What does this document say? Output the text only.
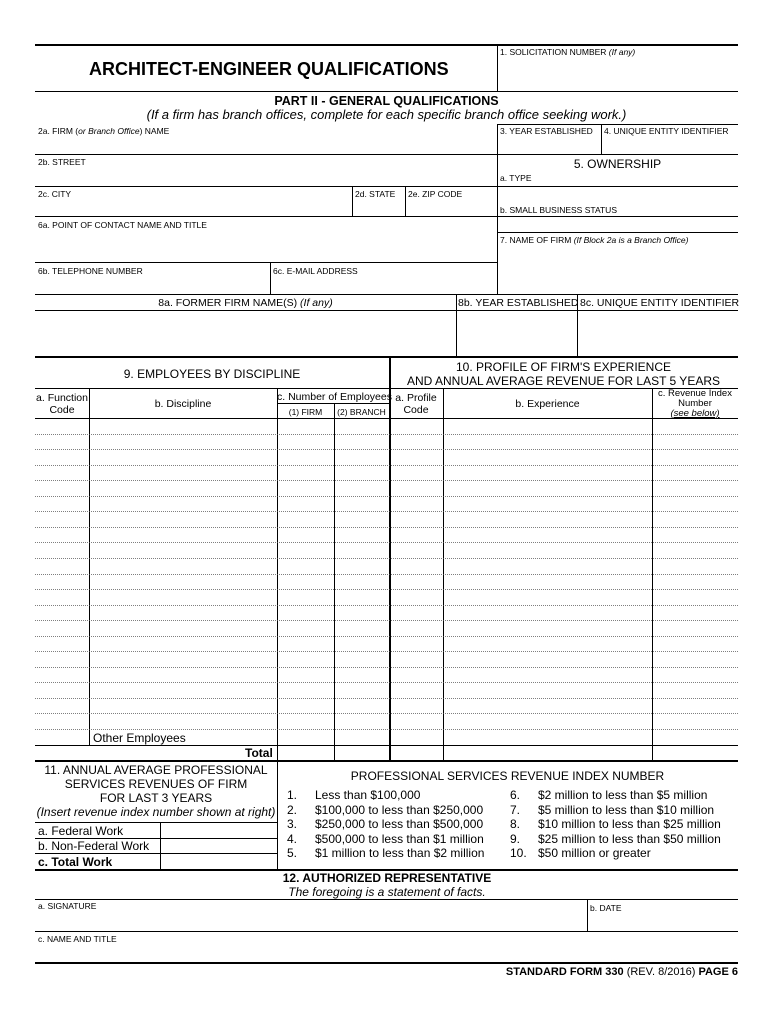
ARCHITECT-ENGINEER QUALIFICATIONS
1. SOLICITATION NUMBER (If any)
PART II - GENERAL QUALIFICATIONS
(If a firm has branch offices, complete for each specific branch office seeking work.)
2a. FIRM (or Branch Office) NAME	3. YEAR ESTABLISHED 4. UNIQUE ENTITY IDENTIFIER
2b. STREET
2c. CITY	2d. STATE 2e. ZIP CODE
6a. POINT OF CONTACT NAME AND TITLE
6b. TELEPHONE NUMBER	6c. E-MAIL ADDRESS
5. OWNERSHIP
a. TYPE
b. SMALL BUSINESS STATUS
7. NAME OF FIRM (If Block 2a is a Branch Office)
8a. FORMER FIRM NAME(S) (If any)	8b. YEAR ESTABLISHED 8c. UNIQUE ENTITY IDENTIFIER
9. EMPLOYEES BY DISCIPLINE
a. Function
Code	b. Discipline
c. Number of Employees
(1) FIRM	(2) BRANCH
10. PROFILE OF FIRM'S EXPERIENCE
AND ANNUAL AVERAGE REVENUE FOR LAST 5 YEARS
a. Profile
Code	b. Experience
c. Revenue Index
Number
(see below)
Other Employees
Total
11. ANNUAL AVERAGE PROFESSIONAL
SERVICES REVENUES OF FIRM
FOR LAST 3 YEARS
(Insert revenue index number shown at right)
a. Federal Work
b. Non-Federal Work
c. Total Work
PROFESSIONAL SERVICES REVENUE INDEX NUMBER
1. Less than $100,000
2. $100,000 to less than $250,000
3. $250,000 to less than $500,000
4. $500,000 to less than $1 million
5. $1 million to less than $2 million
6. $2 million to less than $5 million
7. $5 million to less than $10 million
8. $10 million to less than $25 million
9. $25 million to less than $50 million
10. $50 million or greater
12. AUTHORIZED REPRESENTATIVE
The foregoing is a statement of facts.
a. SIGNATURE	b. DATE
c. NAME AND TITLE
STANDARD FORM 330 (REV. 8/2016) PAGE 6
